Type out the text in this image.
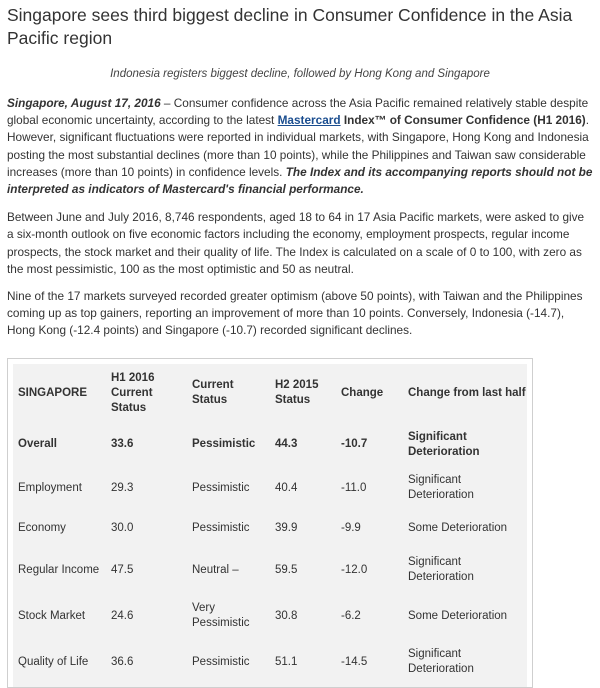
Singapore sees third biggest decline in Consumer Confidence in the Asia Pacific region
Indonesia registers biggest decline, followed by Hong Kong and Singapore

Singapore, August 17, 2016 – Consumer confidence across the Asia Pacific remained relatively stable despite global economic uncertainty, according to the latest Mastercard Index™ of Consumer Confidence (H1 2016). However, significant fluctuations were reported in individual markets, with Singapore, Hong Kong and Indonesia posting the most substantial declines (more than 10 points), while the Philippines and Taiwan saw considerable increases (more than 10 points) in confidence levels. The Index and its accompanying reports should not be interpreted as indicators of Mastercard's financial performance.

Between June and July 2016, 8,746 respondents, aged 18 to 64 in 17 Asia Pacific markets, were asked to give a six-month outlook on five economic factors including the economy, employment prospects, regular income prospects, the stock market and their quality of life. The Index is calculated on a scale of 0 to 100, with zero as the most pessimistic, 100 as the most optimistic and 50 as neutral.

Nine of the 17 markets surveyed recorded greater optimism (above 50 points), with Taiwan and the Philippines coming up as top gainers, reporting an improvement of more than 10 points. Conversely, Indonesia (-14.7), Hong Kong (-12.4 points) and Singapore (-10.7) recorded significant declines.

SINGAPORE	H1 2016 Current Status	Current Status	H2 2015 Status	Change	Change from last half
Overall	33.6	Pessimistic	44.3	-10.7	Significant Deterioration
Employment	29.3	Pessimistic	40.4	-11.0	Significant Deterioration
Economy	30.0	Pessimistic	39.9	-9.9	Some Deterioration
Regular Income	47.5	Neutral –	59.5	-12.0	Significant Deterioration
Stock Market	24.6	Very Pessimistic	30.8	-6.2	Some Deterioration
Quality of Life	36.6	Pessimistic	51.1	-14.5	Significant Deterioration
